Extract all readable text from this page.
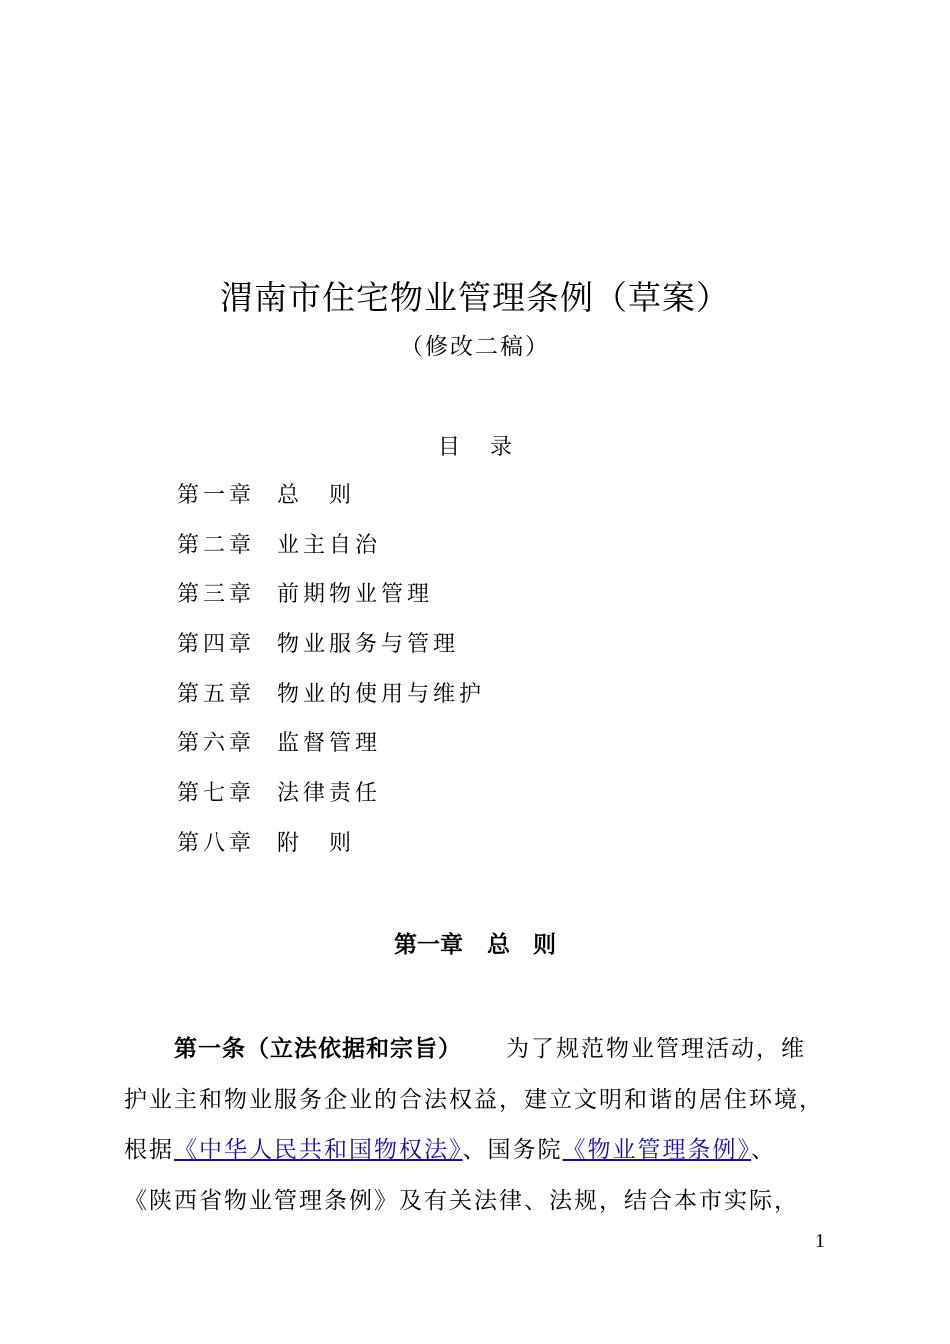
渭南市住宅物业管理条例（草案）
（修改二稿）
目 录
第一章 总　则
第二章 业主自治
第三章 前期物业管理
第四章 物业服务与管理
第五章 物业的使用与维护
第六章 监督管理
第七章 法律责任
第八章 附　则
第一章 总　则
第一条（立法依据和宗旨） 为了规范物业管理活动，维
护业主和物业服务企业的合法权益，建立文明和谐的居住环境，
根据《中华人民共和国物权法》、国务院《物业管理条例》、
《陕西省物业管理条例》及有关法律、法规，结合本市实际，
1
